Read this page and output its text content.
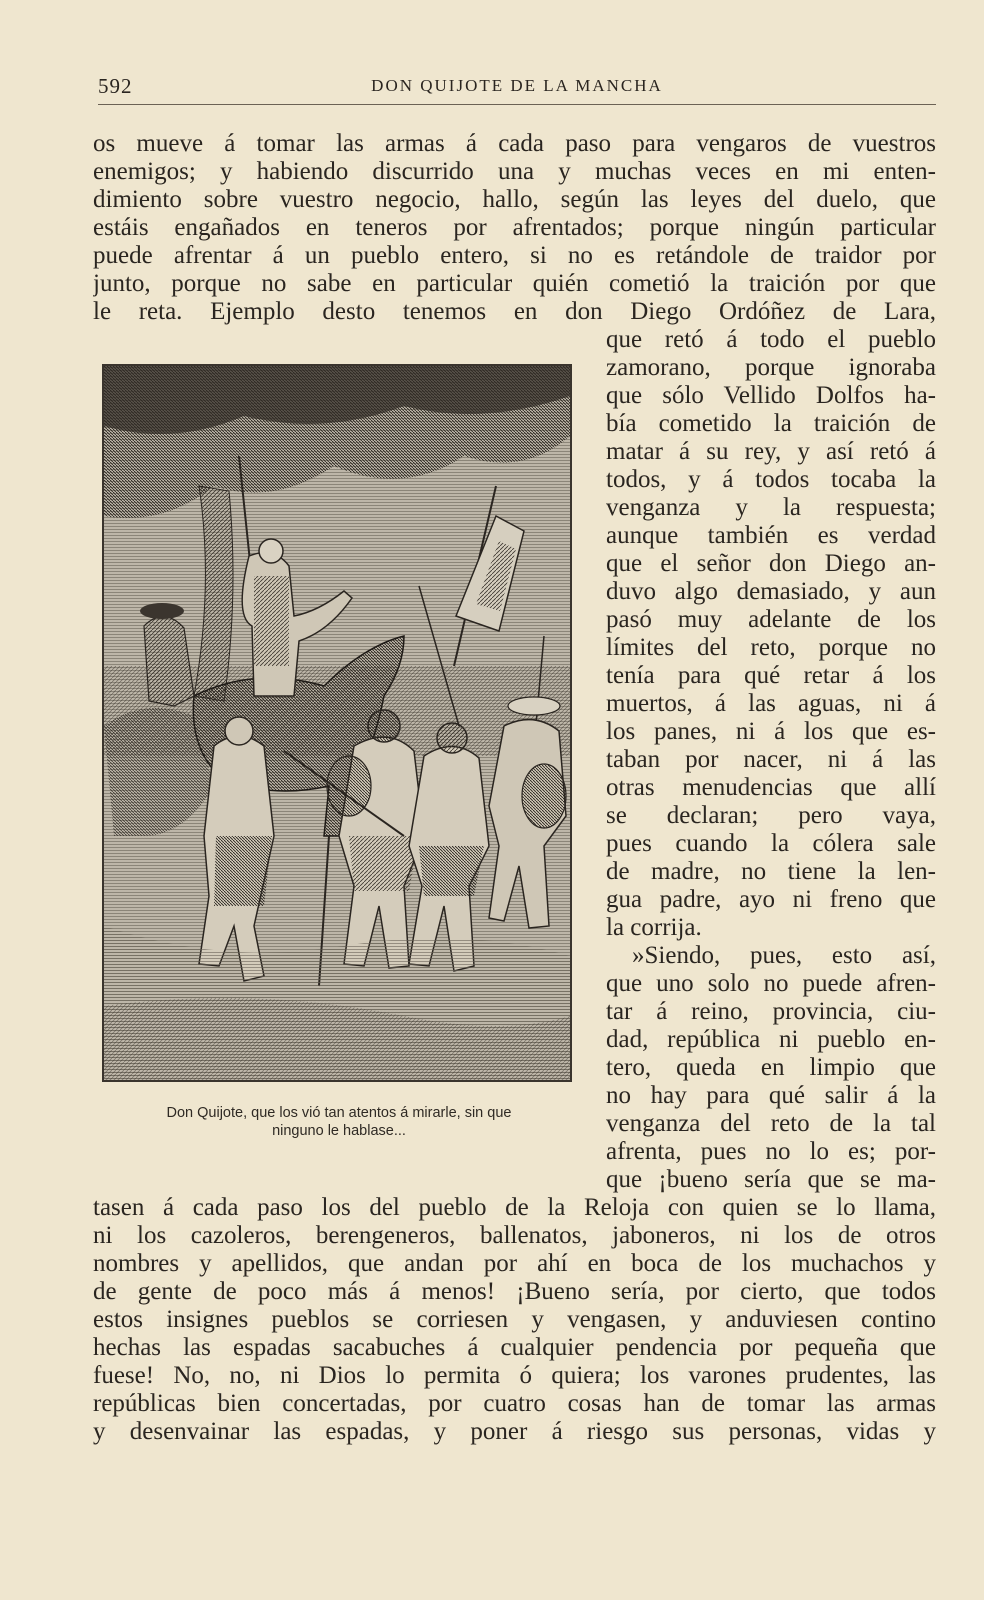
592	DON QUIJOTE DE LA MANCHA
os mueve á tomar las armas á cada paso para vengaros de vuestros
enemigos; y habiendo discurrido una y muchas veces en mi enten-
dimiento sobre vuestro negocio, hallo, según las leyes del duelo, que
estáis engañados en teneros por afrentados; porque ningún particular
puede afrentar á un pueblo entero, si no es retándole de traidor por
junto, porque no sabe en particular quién cometió la traición por que
le reta. Ejemplo desto tenemos en don Diego Ordóñez de Lara,
Don Quijote, que los vió tan atentos á mirarle, sin que
ninguno le hablase...
que retó á todo el pueblo
zamorano, porque ignoraba
que sólo Vellido Dolfos ha-
bía cometido la traición de
matar á su rey, y así retó á
todos, y á todos tocaba la
venganza y la respuesta;
aunque también es verdad
que el señor don Diego an-
duvo algo demasiado, y aun
pasó muy adelante de los
límites del reto, porque no
tenía para qué retar á los
muertos, á las aguas, ni á
los panes, ni á los que es-
taban por nacer, ni á las
otras menudencias que allí
se declaran; pero vaya,
pues cuando la cólera sale
de madre, no tiene la len-
gua padre, ayo ni freno que
la corrija.
»Siendo, pues, esto así,
que uno solo no puede afren-
tar á reino, provincia, ciu-
dad, república ni pueblo en-
tero, queda en limpio que
no hay para qué salir á la
venganza del reto de la tal
afrenta, pues no lo es; por-
que ¡bueno sería que se ma-
tasen á cada paso los del pueblo de la Reloja con quien se lo llama,
ni los cazoleros, berengeneros, ballenatos, jaboneros, ni los de otros
nombres y apellidos, que andan por ahí en boca de los muchachos y
de gente de poco más á menos! ¡Bueno sería, por cierto, que todos
estos insignes pueblos se corriesen y vengasen, y anduviesen contino
hechas las espadas sacabuches á cualquier pendencia por pequeña que
fuese! No, no, ni Dios lo permita ó quiera; los varones prudentes, las
repúblicas bien concertadas, por cuatro cosas han de tomar las armas
y desenvainar las espadas, y poner á riesgo sus personas, vidas y
